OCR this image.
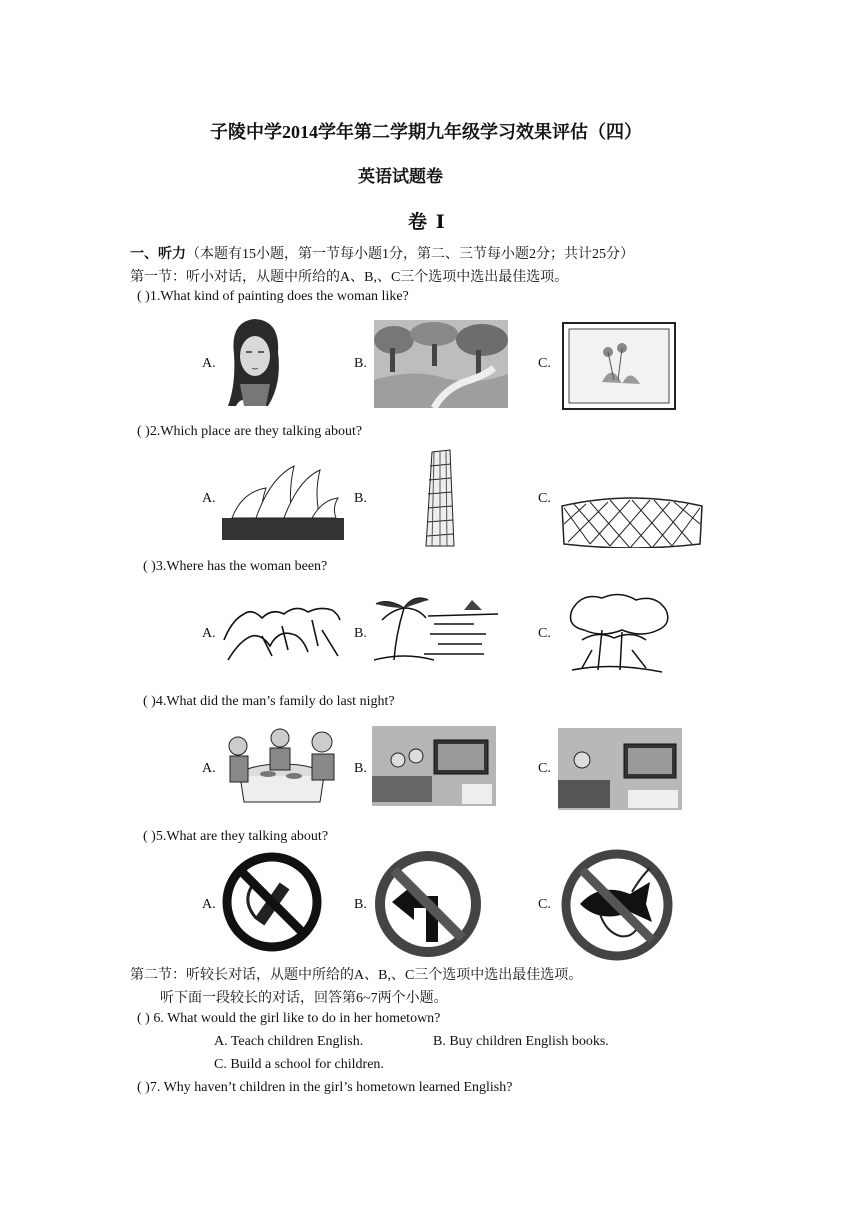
子陵中学2014学年第二学期九年级学习效果评估（四）
英语试题卷
卷 Ⅰ
一、听力（本题有15小题，第一节每小题1分，第二、三节每小题2分；共计25分）
第一节：听小对话，从题中所给的A、B,、C三个选项中选出最佳选项。
( )1.What kind of painting does the woman like?
A.	B.	C.
( )2.Which place are they talking about?
A.	B.	C.
( )3.Where has the woman been?
A.	B.	C.
( )4.What did the man’s family do last night?
A.	B.	C.
( )5.What are they talking about?
A.	B.	C.
第二节：听较长对话，从题中所给的A、B,、C三个选项中选出最佳选项。
听下面一段较长的对话，回答第6~7两个小题。
( ) 6. What would the girl like to do in her hometown?
A. Teach children English.	B. Buy children English books.
C. Build a school for children.
( )7. Why haven’t children in the girl’s hometown learned English?
